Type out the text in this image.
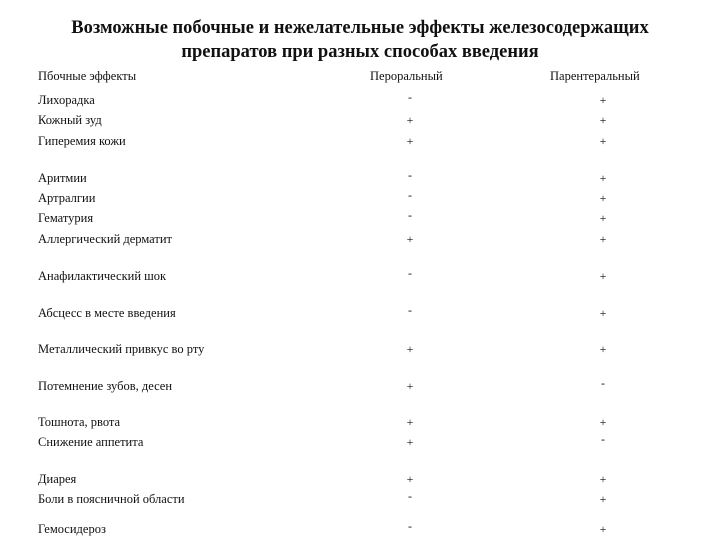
Возможные побочные и нежелательные эффекты железосодержащих
препаратов при разных способах введения
Пбочные эффекты	Пероральный	Парентеральный
Лихорадка	-	+
Кожный зуд	+	+
Гиперемия кожи	+	+
Аритмии	-	+
Артралгии	-	+
Гематурия	-	+
Аллергический дерматит	+	+
Анафилактический шок	-	+
Абсцесс в месте введения	-	+
Металлический привкус во рту	+	+
Потемнение зубов, десен	+	-
Тошнота, рвота	+	+
Снижение аппетита	+	-
Диарея	+	+
Боли в поясничной области	-	+
Гемосидероз	-	+
